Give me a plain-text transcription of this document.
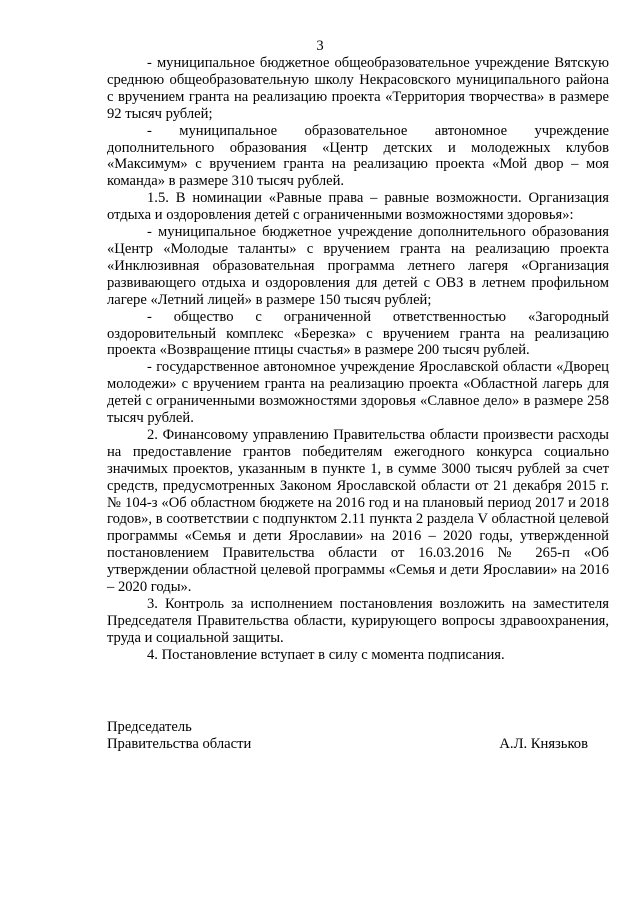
3

- муниципальное бюджетное общеобразовательное учреждение Вятскую среднюю общеобразовательную школу Некрасовского муниципального района с вручением гранта на реализацию проекта «Территория творчества» в размере 92 тысяч рублей;

- муниципальное образовательное автономное учреждение дополнительного образования «Центр детских и молодежных клубов «Максимум» с вручением гранта на реализацию проекта «Мой двор – моя команда» в размере 310 тысяч рублей.

1.5. В номинации «Равные права – равные возможности. Организация отдыха и оздоровления детей с ограниченными возможностями здоровья»:

- муниципальное бюджетное учреждение дополнительного образования «Центр «Молодые таланты» с вручением гранта на реализацию проекта «Инклюзивная образовательная программа летнего лагеря «Организация развивающего отдыха и оздоровления для детей с ОВЗ в летнем профильном лагере «Летний лицей» в размере 150 тысяч рублей;

- общество с ограниченной ответственностью «Загородный оздоровительный комплекс «Березка» с вручением гранта на реализацию проекта «Возвращение птицы счастья» в размере 200 тысяч рублей.

- государственное автономное учреждение Ярославской области «Дворец молодежи» с вручением гранта на реализацию проекта «Областной лагерь для детей с ограниченными возможностями здоровья «Славное дело» в размере 258 тысяч рублей.

2. Финансовому управлению Правительства области произвести расходы на предоставление грантов победителям ежегодного конкурса социально значимых проектов, указанным в пункте 1, в сумме 3000 тысяч рублей за счет средств, предусмотренных Законом Ярославской области от 21 декабря 2015 г. № 104-з «Об областном бюджете на 2016 год и на плановый период 2017 и 2018 годов», в соответствии с подпунктом 2.11 пункта 2 раздела V областной целевой программы «Семья и дети Ярославии» на 2016 – 2020 годы, утвержденной постановлением Правительства области от 16.03.2016 № 265-п «Об утверждении областной целевой программы «Семья и дети Ярославии» на 2016 – 2020 годы».

3. Контроль за исполнением постановления возложить на заместителя Председателя Правительства области, курирующего вопросы здравоохранения, труда и социальной защиты.

4. Постановление вступает в силу с момента подписания.

Председатель
Правительства области	А.Л. Князьков
